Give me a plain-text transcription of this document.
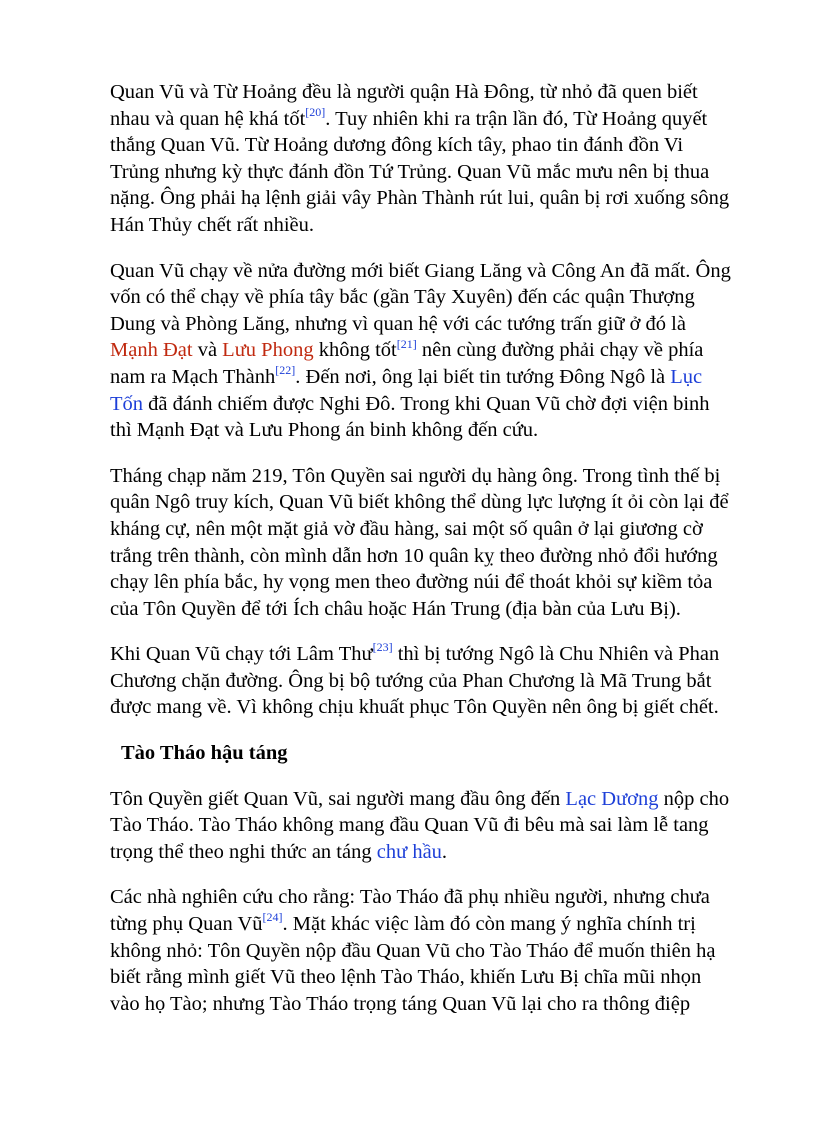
Quan Vũ và Từ Hoảng đều là người quận Hà Đông, từ nhỏ đã quen biết
nhau và quan hệ khá tốt[20]. Tuy nhiên khi ra trận lần đó, Từ Hoảng quyết
thắng Quan Vũ. Từ Hoảng dương đông kích tây, phao tin đánh đồn Vi
Trủng nhưng kỳ thực đánh đồn Tứ Trủng. Quan Vũ mắc mưu nên bị thua
nặng. Ông phải hạ lệnh giải vây Phàn Thành rút lui, quân bị rơi xuống sông
Hán Thủy chết rất nhiều.
Quan Vũ chạy về nửa đường mới biết Giang Lăng và Công An đã mất. Ông
vốn có thể chạy về phía tây bắc (gần Tây Xuyên) đến các quận Thượng
Dung và Phòng Lăng, nhưng vì quan hệ với các tướng trấn giữ ở đó là
Mạnh Đạt và Lưu Phong không tốt[21] nên cùng đường phải chạy về phía
nam ra Mạch Thành[22]. Đến nơi, ông lại biết tin tướng Đông Ngô là Lục
Tốn đã đánh chiếm được Nghi Đô. Trong khi Quan Vũ chờ đợi viện binh
thì Mạnh Đạt và Lưu Phong án binh không đến cứu.
Tháng chạp năm 219, Tôn Quyền sai người dụ hàng ông. Trong tình thế bị
quân Ngô truy kích, Quan Vũ biết không thể dùng lực lượng ít ỏi còn lại để
kháng cự, nên một mặt giả vờ đầu hàng, sai một số quân ở lại giương cờ
trắng trên thành, còn mình dẫn hơn 10 quân kỵ theo đường nhỏ đổi hướng
chạy lên phía bắc, hy vọng men theo đường núi để thoát khỏi sự kiềm tỏa
của Tôn Quyền để tới Ích châu hoặc Hán Trung (địa bàn của Lưu Bị).
Khi Quan Vũ chạy tới Lâm Thư[23] thì bị tướng Ngô là Chu Nhiên và Phan
Chương chặn đường. Ông bị bộ tướng của Phan Chương là Mã Trung bắt
được mang về. Vì không chịu khuất phục Tôn Quyền nên ông bị giết chết.
Tào Tháo hậu táng
Tôn Quyền giết Quan Vũ, sai người mang đầu ông đến Lạc Dương nộp cho
Tào Tháo. Tào Tháo không mang đầu Quan Vũ đi bêu mà sai làm lễ tang
trọng thể theo nghi thức an táng chư hầu.
Các nhà nghiên cứu cho rằng: Tào Tháo đã phụ nhiều người, nhưng chưa
từng phụ Quan Vũ[24]. Mặt khác việc làm đó còn mang ý nghĩa chính trị
không nhỏ: Tôn Quyền nộp đầu Quan Vũ cho Tào Tháo để muốn thiên hạ
biết rằng mình giết Vũ theo lệnh Tào Tháo, khiến Lưu Bị chĩa mũi nhọn
vào họ Tào; nhưng Tào Tháo trọng táng Quan Vũ lại cho ra thông điệp
